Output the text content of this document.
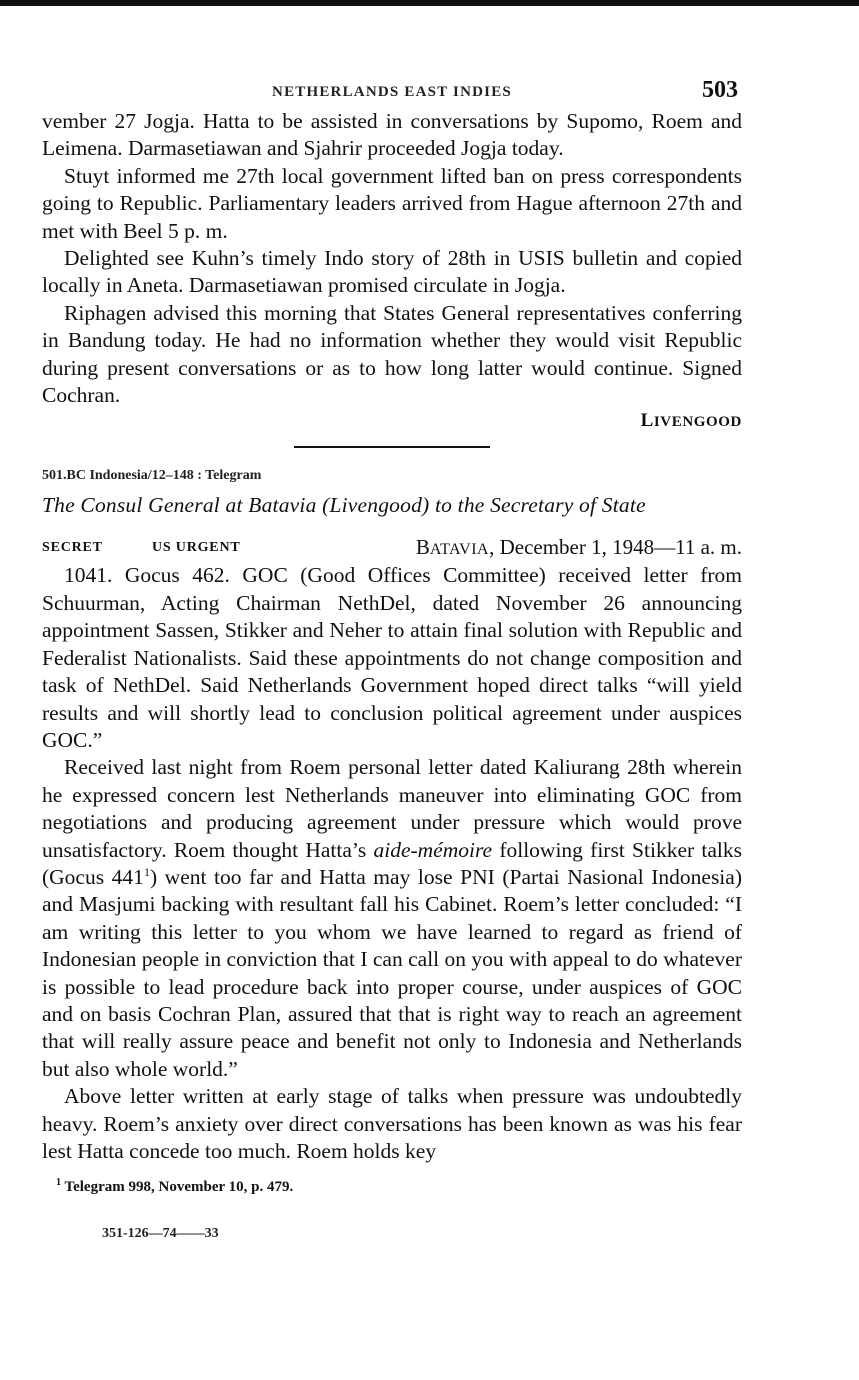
NETHERLANDS EAST INDIES	503

vember 27 Jogja. Hatta to be assisted in conversations by Supomo, Roem and Leimena. Darmasetiawan and Sjahrir proceeded Jogja today.

Stuyt informed me 27th local government lifted ban on press correspondents going to Republic. Parliamentary leaders arrived from Hague afternoon 27th and met with Beel 5 p. m.

Delighted see Kuhn’s timely Indo story of 28th in USIS bulletin and copied locally in Aneta. Darmasetiawan promised circulate in Jogja.

Riphagen advised this morning that States General representatives conferring in Bandung today. He had no information whether they would visit Republic during present conversations or as to how long latter would continue. Signed Cochran.

LIVENGOOD
501.BC Indonesia/12–148 : Telegram
The Consul General at Batavia (Livengood) to the Secretary of State
SECRET	US URGENT	BATAVIA, December 1, 1948—11 a. m.

1041. Gocus 462. GOC (Good Offices Committee) received letter from Schuurman, Acting Chairman NethDel, dated November 26 announcing appointment Sassen, Stikker and Neher to attain final solution with Republic and Federalist Nationalists. Said these appointments do not change composition and task of NethDel. Said Netherlands Government hoped direct talks “will yield results and will shortly lead to conclusion political agreement under auspices GOC.”

Received last night from Roem personal letter dated Kaliurang 28th wherein he expressed concern lest Netherlands maneuver into eliminating GOC from negotiations and producing agreement under pressure which would prove unsatisfactory. Roem thought Hatta’s aide-mémoire following first Stikker talks (Gocus $441^1$) went too far and Hatta may lose PNI (Partai Nasional Indonesia) and Masjumi backing with resultant fall his Cabinet. Roem’s letter concluded: “I am writing this letter to you whom we have learned to regard as friend of Indonesian people in conviction that I can call on you with appeal to do whatever is possible to lead procedure back into proper course, under auspices of GOC and on basis Cochran Plan, assured that that is right way to reach an agreement that will really assure peace and benefit not only to Indonesia and Netherlands but also whole world.”

Above letter written at early stage of talks when pressure was undoubtedly heavy. Roem’s anxiety over direct conversations has been known as was his fear lest Hatta concede too much. Roem holds key

$^1$ Telegram 998, November 10, p. 479.
351-126—74——33
